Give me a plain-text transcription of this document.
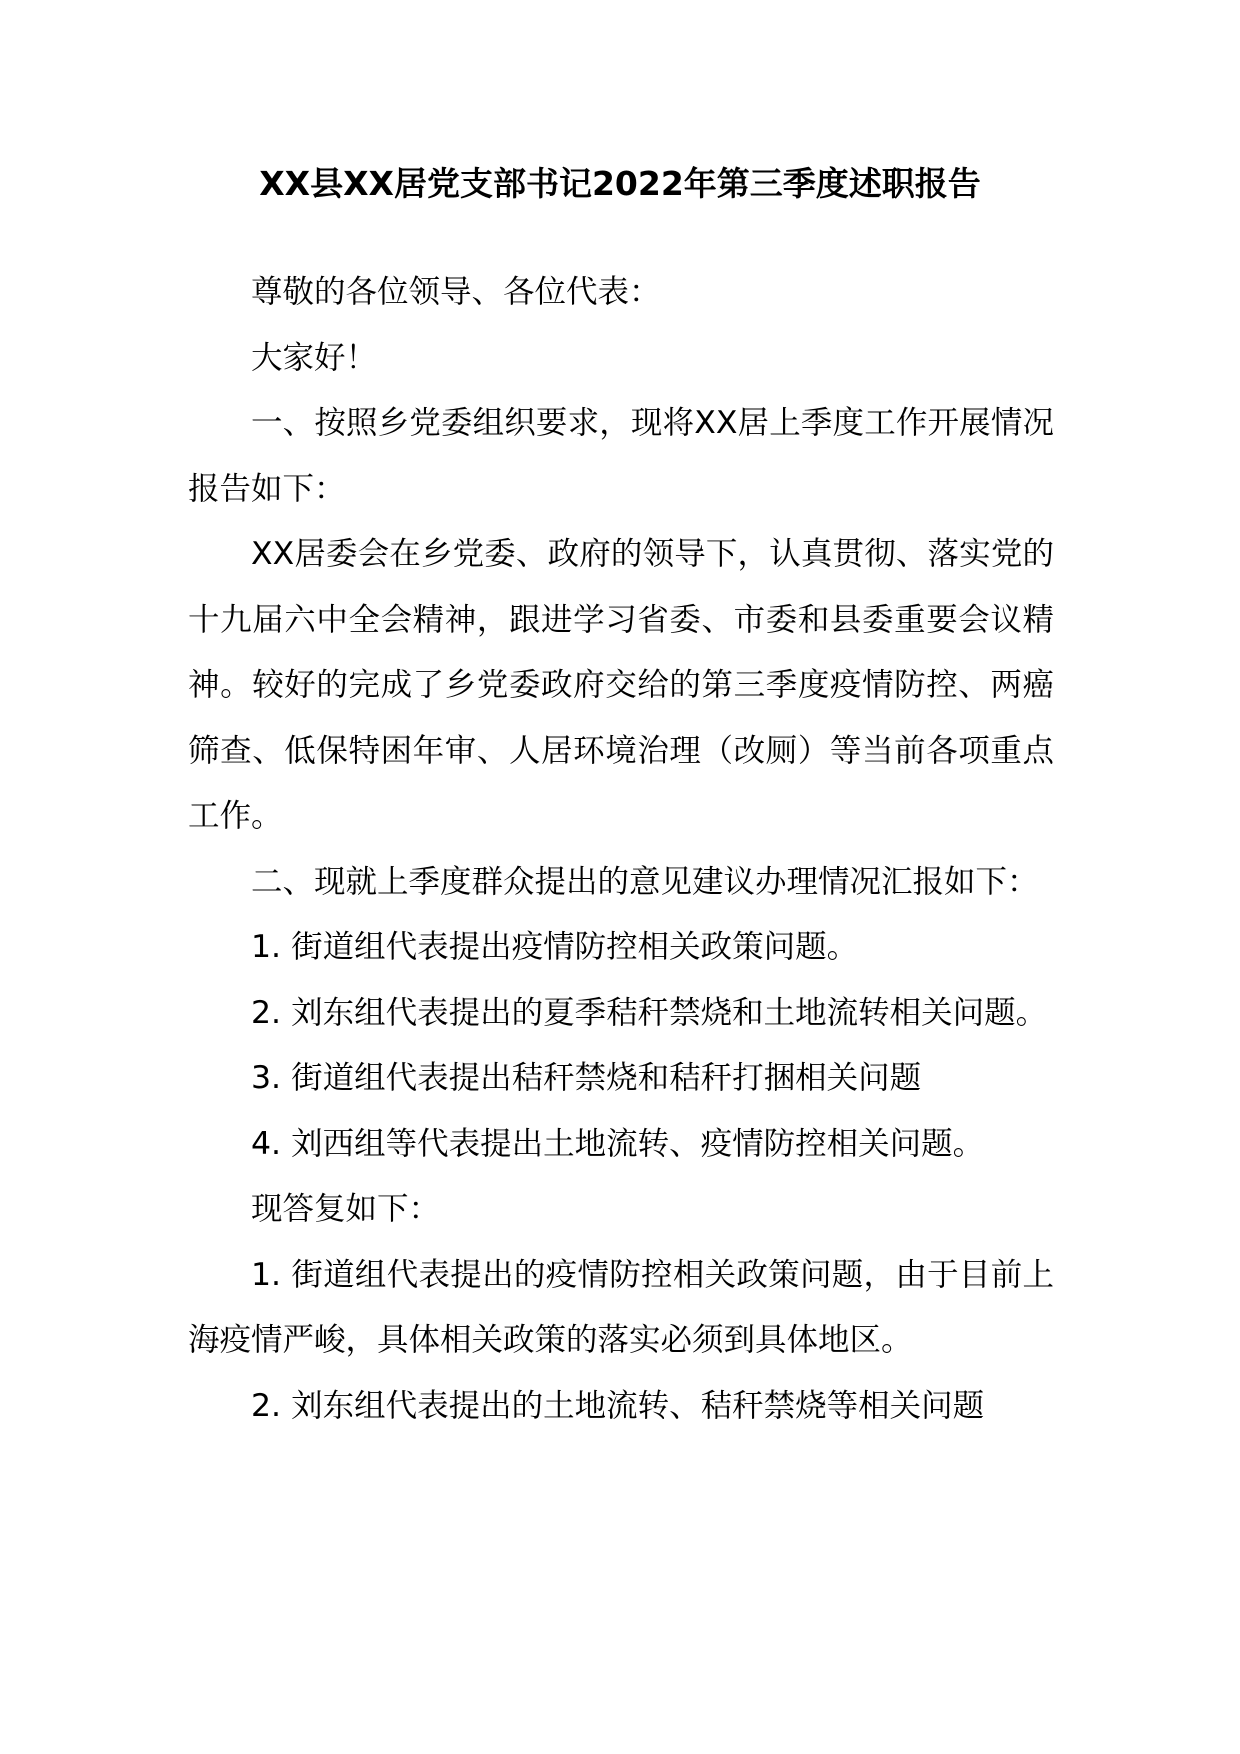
XX县XX居党支部书记2022年第三季度述职报告

尊敬的各位领导、各位代表：

大家好！

一、按照乡党委组织要求，现将XX居上季度工作开展情况报告如下：

XX居委会在乡党委、政府的领导下，认真贯彻、落实党的十九届六中全会精神，跟进学习省委、市委和县委重要会议精神。较好的完成了乡党委政府交给的第三季度疫情防控、两癌筛查、低保特困年审、人居环境治理（改厕）等当前各项重点工作。

二、现就上季度群众提出的意见建议办理情况汇报如下：

1. 街道组代表提出疫情防控相关政策问题。

2. 刘东组代表提出的夏季秸秆禁烧和土地流转相关问题。

3. 街道组代表提出秸秆禁烧和秸秆打捆相关问题

4. 刘西组等代表提出土地流转、疫情防控相关问题。

现答复如下：

1. 街道组代表提出的疫情防控相关政策问题，由于目前上海疫情严峻，具体相关政策的落实必须到具体地区。

2. 刘东组代表提出的土地流转、秸秆禁烧等相关问题
